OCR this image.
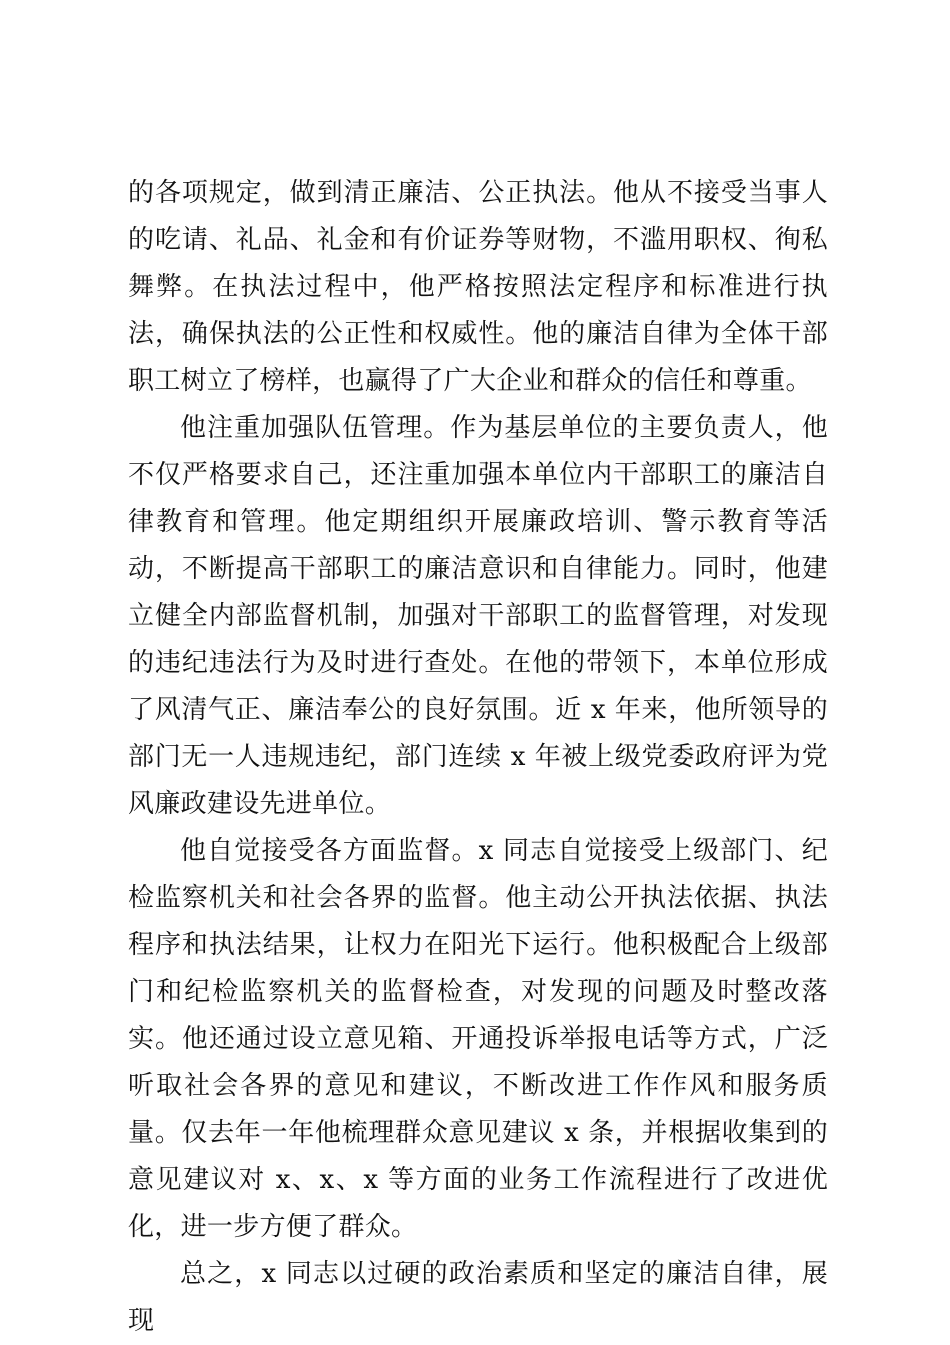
的各项规定，做到清正廉洁、公正执法。他从不接受当事人的吃请、礼品、礼金和有价证券等财物，不滥用职权、徇私舞弊。在执法过程中，他严格按照法定程序和标准进行执法，确保执法的公正性和权威性。他的廉洁自律为全体干部职工树立了榜样，也赢得了广大企业和群众的信任和尊重。

他注重加强队伍管理。作为基层单位的主要负责人，他不仅严格要求自己，还注重加强本单位内干部职工的廉洁自律教育和管理。他定期组织开展廉政培训、警示教育等活动，不断提高干部职工的廉洁意识和自律能力。同时，他建立健全内部监督机制，加强对干部职工的监督管理，对发现的违纪违法行为及时进行查处。在他的带领下，本单位形成了风清气正、廉洁奉公的良好氛围。近 x 年来，他所领导的部门无一人违规违纪，部门连续 x 年被上级党委政府评为党风廉政建设先进单位。

他自觉接受各方面监督。x 同志自觉接受上级部门、纪检监察机关和社会各界的监督。他主动公开执法依据、执法程序和执法结果，让权力在阳光下运行。他积极配合上级部门和纪检监察机关的监督检查，对发现的问题及时整改落实。他还通过设立意见箱、开通投诉举报电话等方式，广泛听取社会各界的意见和建议，不断改进工作作风和服务质量。仅去年一年他梳理群众意见建议 x 条，并根据收集到的意见建议对 x、x、x 等方面的业务工作流程进行了改进优化，进一步方便了群众。

总之，x 同志以过硬的政治素质和坚定的廉洁自律，展现
